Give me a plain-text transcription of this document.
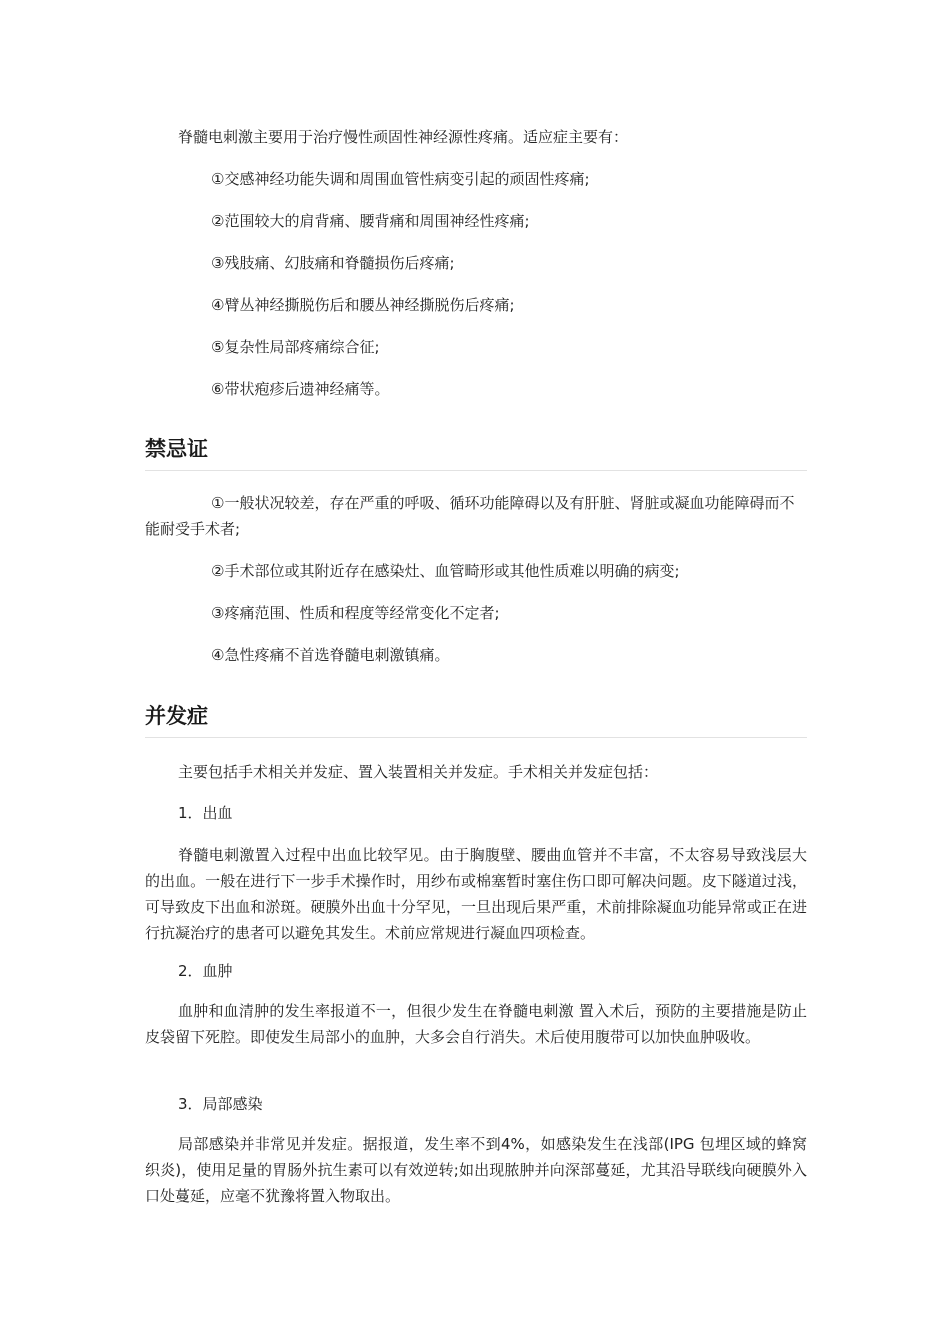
脊髓电刺激主要用于治疗慢性顽固性神经源性疼痛。适应症主要有：

①交感神经功能失调和周围血管性病变引起的顽固性疼痛;

②范围较大的肩背痛、腰背痛和周围神经性疼痛;

③残肢痛、幻肢痛和脊髓损伤后疼痛;

④臂丛神经撕脱伤后和腰丛神经撕脱伤后疼痛;

⑤复杂性局部疼痛综合征;

⑥带状疱疹后遗神经痛等。

禁忌证

①一般状况较差，存在严重的呼吸、循环功能障碍以及有肝脏、肾脏或凝血功能障碍而不能耐受手术者;

②手术部位或其附近存在感染灶、血管畸形或其他性质难以明确的病变;

③疼痛范围、性质和程度等经常变化不定者;

④急性疼痛不首选脊髓电刺激镇痛。

并发症

主要包括手术相关并发症、置入装置相关并发症。手术相关并发症包括：

1．出血

脊髓电刺激置入过程中出血比较罕见。由于胸腹壁、腰曲血管并不丰富，不太容易导致浅层大的出血。一般在进行下一步手术操作时，用纱布或棉塞暂时塞住伤口即可解决问题。皮下隧道过浅，可导致皮下出血和淤斑。硬膜外出血十分罕见，一旦出现后果严重，术前排除凝血功能异常或正在进行抗凝治疗的患者可以避免其发生。术前应常规进行凝血四项检查。

2．血肿

血肿和血清肿的发生率报道不一，但很少发生在脊髓电刺激 置入术后，预防的主要措施是防止皮袋留下死腔。即使发生局部小的血肿，大多会自行消失。术后使用腹带可以加快血肿吸收。

3．局部感染

局部感染并非常见并发症。据报道，发生率不到4%，如感染发生在浅部(IPG 包埋区域的蜂窝织炎)，使用足量的胃肠外抗生素可以有效逆转;如出现脓肿并向深部蔓延，尤其沿导联线向硬膜外入口处蔓延，应毫不犹豫将置入物取出。
